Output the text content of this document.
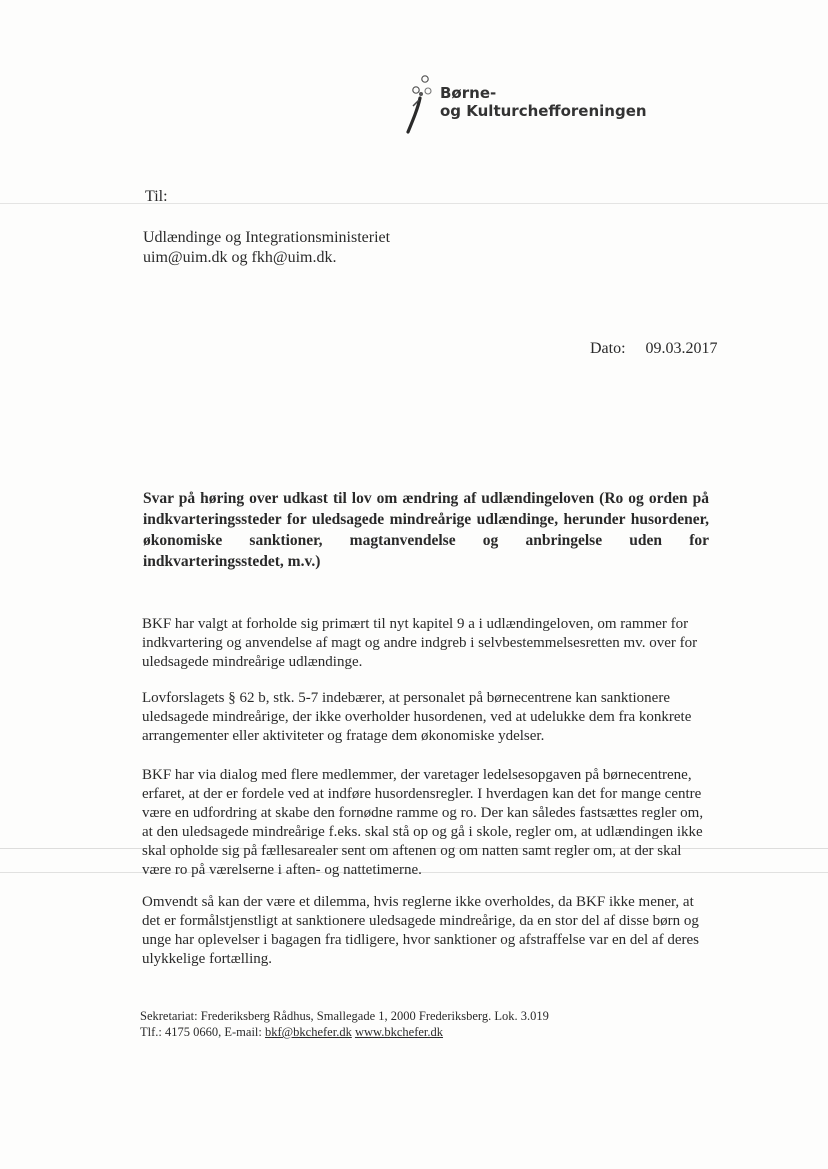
Børne-
og Kulturchefforeningen
Til:
Udlændinge og Integrationsministeriet
uim@uim.dk og fkh@uim.dk.
Dato: 09.03.2017
Svar på høring over udkast til lov om ændring af udlændingeloven (Ro og orden på indkvarteringssteder for uledsagede mindreårige udlændinge, herunder husordener, økonomiske sanktioner, magtanvendelse og anbringelse uden for indkvarteringsstedet, m.v.)
BKF har valgt at forholde sig primært til nyt kapitel 9 a i udlændingeloven, om rammer for indkvartering og anvendelse af magt og andre indgreb i selvbestemmelsesretten mv. over for uledsagede mindreårige udlændinge.
Lovforslagets § 62 b, stk. 5-7 indebærer, at personalet på børnecentrene kan sanktionere uledsagede mindreårige, der ikke overholder husordenen, ved at udelukke dem fra konkrete arrangementer eller aktiviteter og fratage dem økonomiske ydelser.
BKF har via dialog med flere medlemmer, der varetager ledelsesopgaven på børnecentrene, erfaret, at der er fordele ved at indføre husordensregler. I hverdagen kan det for mange centre være en udfordring at skabe den fornødne ramme og ro. Der kan således fastsættes regler om, at den uledsagede mindreårige f.eks. skal stå op og gå i skole, regler om, at udlændingen ikke skal opholde sig på fællesarealer sent om aftenen og om natten samt regler om, at der skal være ro på værelserne i aften- og nattetimerne.
Omvendt så kan der være et dilemma, hvis reglerne ikke overholdes, da BKF ikke mener, at det er formålstjenstligt at sanktionere uledsagede mindreårige, da en stor del af disse børn og unge har oplevelser i bagagen fra tidligere, hvor sanktioner og afstraffelse var en del af deres ulykkelige fortælling.
Sekretariat: Frederiksberg Rådhus, Smallegade 1, 2000 Frederiksberg. Lok. 3.019
Tlf.: 4175 0660, E-mail: bkf@bkchefer.dk www.bkchefer.dk
